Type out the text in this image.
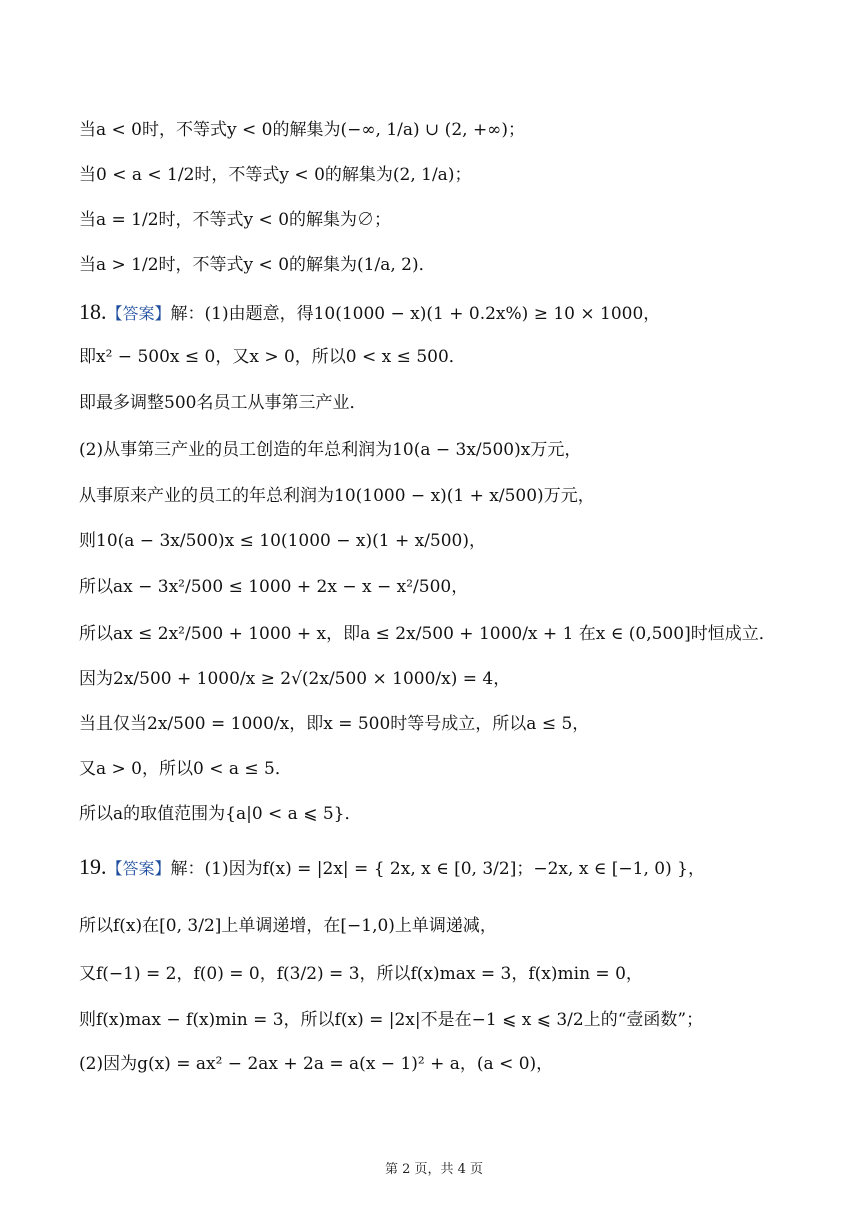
当a < 0时，不等式y < 0的解集为(−∞, 1/a) ∪ (2, +∞)；
当0 < a < 1/2时，不等式y < 0的解集为(2, 1/a)；
当a = 1/2时，不等式y < 0的解集为∅；
当a > 1/2时，不等式y < 0的解集为(1/a, 2)．
18.【答案】解：(1)由题意，得10(1000 − x)(1 + 0.2x%) ≥ 10 × 1000，
即x² − 500x ≤ 0，又x > 0，所以0 < x ≤ 500．
即最多调整500名员工从事第三产业．
(2)从事第三产业的员工创造的年总利润为10(a − 3x/500)x万元，
从事原来产业的员工的年总利润为10(1000 − x)(1 + x/500)万元，
则10(a − 3x/500)x ≤ 10(1000 − x)(1 + x/500)，
所以ax − 3x²/500 ≤ 1000 + 2x − x − x²/500，
所以ax ≤ 2x²/500 + 1000 + x，即a ≤ 2x/500 + 1000/x + 1 在x ∈ (0,500]时恒成立．
因为2x/500 + 1000/x ≥ 2√(2x/500 × 1000/x) = 4，
当且仅当2x/500 = 1000/x，即x = 500时等号成立，所以a ≤ 5，
又a > 0，所以0 < a ≤ 5．
所以a的取值范围为{a|0 < a ⩽ 5}．
19.【答案】解：(1)因为f(x) = |2x| = { 2x, x ∈ [0, 3/2]；−2x, x ∈ [−1, 0) }，
所以f(x)在[0, 3/2]上单调递增，在[−1,0)上单调递减，
又f(−1) = 2，f(0) = 0，f(3/2) = 3，所以f(x)max = 3，f(x)min = 0，
则f(x)max − f(x)min = 3，所以f(x) = |2x|不是在−1 ⩽ x ⩽ 3/2上的“壹函数”；
(2)因为g(x) = ax² − 2ax + 2a = a(x − 1)² + a，(a < 0)，
第 2 页，共 4 页
